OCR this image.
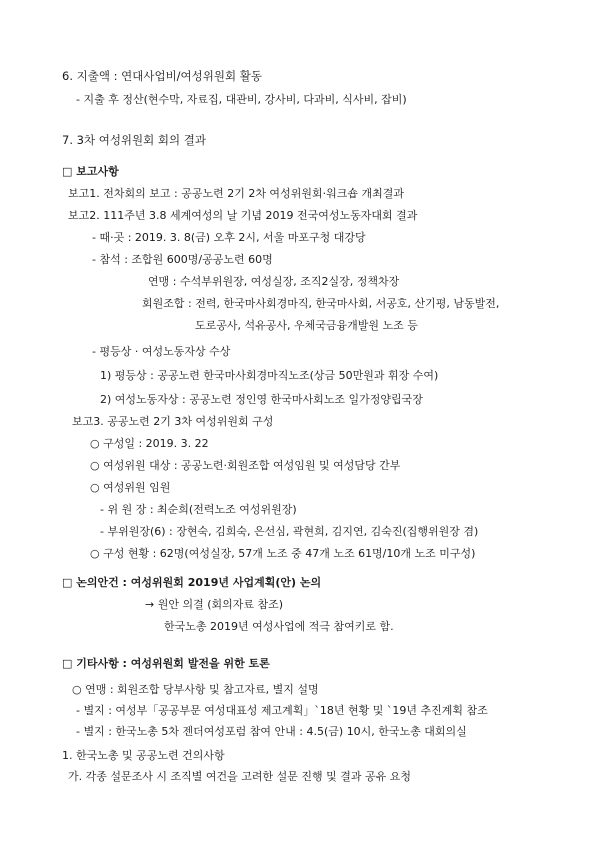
6. 지출액 : 연대사업비/여성위원회 활동
- 지출 후 정산(현수막, 자료집, 대관비, 강사비, 다과비, 식사비, 잡비)
7. 3차 여성위원회 회의 결과
□ 보고사항
보고1. 전차회의 보고 : 공공노련 2기 2차 여성위원회·워크숍 개최결과
보고2. 111주년 3.8 세계여성의 날 기념 2019 전국여성노동자대회 결과
- 때·곳 : 2019. 3. 8(금) 오후 2시, 서울 마포구청 대강당
- 참석 : 조합원 600명/공공노련 60명
연맹 : 수석부위원장, 여성실장, 조직2실장, 정책차장
회원조합 : 전력, 한국마사회경마직, 한국마사회, 서공호, 산기평, 남동발전,
도로공사, 석유공사, 우체국금융개발원 노조 등
- 평등상 · 여성노동자상 수상
1) 평등상 : 공공노련 한국마사회경마직노조(상금 50만원과 휘장 수여)
2) 여성노동자상 : 공공노련 정인영 한국마사회노조 일가정양립국장
보고3. 공공노련 2기 3차 여성위원회 구성
○ 구성일 : 2019. 3. 22
○ 여성위원 대상 : 공공노련·회원조합 여성임원 및 여성담당 간부
○ 여성위원 임원
- 위 원 장 : 최순희(전력노조 여성위원장)
- 부위원장(6) : 장현숙, 김희숙, 은선심, 곽현희, 김지연, 김숙진(집행위원장 겸)
○ 구성 현황 : 62명(여성실장, 57개 노조 중 47개 노조 61명/10개 노조 미구성)
□ 논의안건 : 여성위원회 2019년 사업계획(안) 논의
→ 원안 의결 (회의자료 참조)
한국노총 2019년 여성사업에 적극 참여키로 함.
□ 기타사항 : 여성위원회 발전을 위한 토론
○ 연맹 : 회원조합 당부사항 및 참고자료, 별지 설명
- 별지 : 여성부「공공부문 여성대표성 제고계획」`18년 현황 및 `19년 추진계획 참조
- 별지 : 한국노총 5차 젠더여성포럼 참여 안내 : 4.5(금) 10시, 한국노총 대회의실
1. 한국노총 및 공공노련 건의사항
가. 각종 설문조사 시 조직별 여건을 고려한 설문 진행 및 결과 공유 요청
